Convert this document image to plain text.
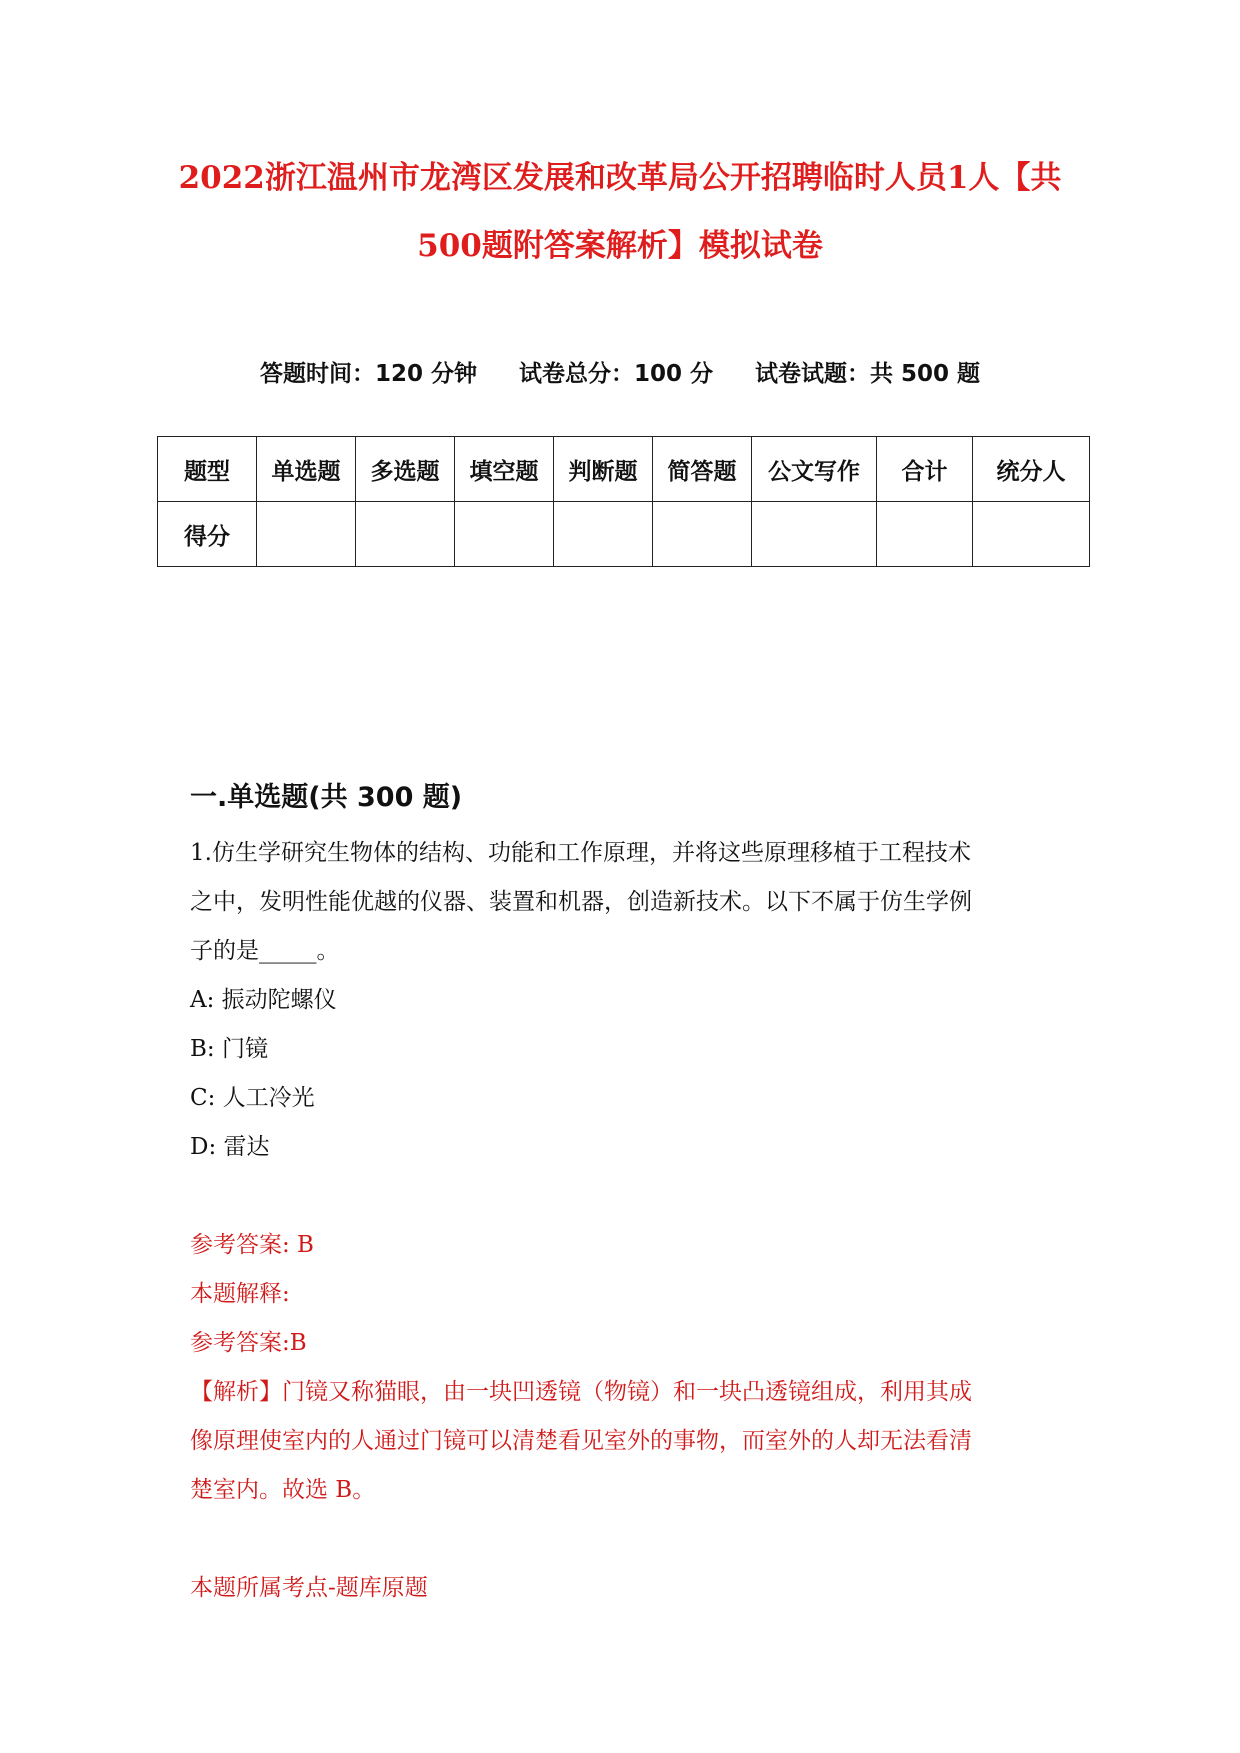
2022浙江温州市龙湾区发展和改革局公开招聘临时人员1人【共
500题附答案解析】模拟试卷
答题时间：120 分钟 试卷总分：100 分 试卷试题：共 500 题
题型	单选题	多选题	填空题	判断题	简答题	公文写作	合计	统分人
得分								
一.单选题(共 300 题)
1.仿生学研究生物体的结构、功能和工作原理，并将这些原理移植于工程技术
之中，发明性能优越的仪器、装置和机器，创造新技术。以下不属于仿生学例
子的是_____。
A: 振动陀螺仪
B: 门镜
C: 人工冷光
D: 雷达
参考答案: B
本题解释:
参考答案:B
【解析】门镜又称猫眼，由一块凹透镜（物镜）和一块凸透镜组成，利用其成
像原理使室内的人通过门镜可以清楚看见室外的事物，而室外的人却无法看清
楚室内。故选 B。
本题所属考点-题库原题
